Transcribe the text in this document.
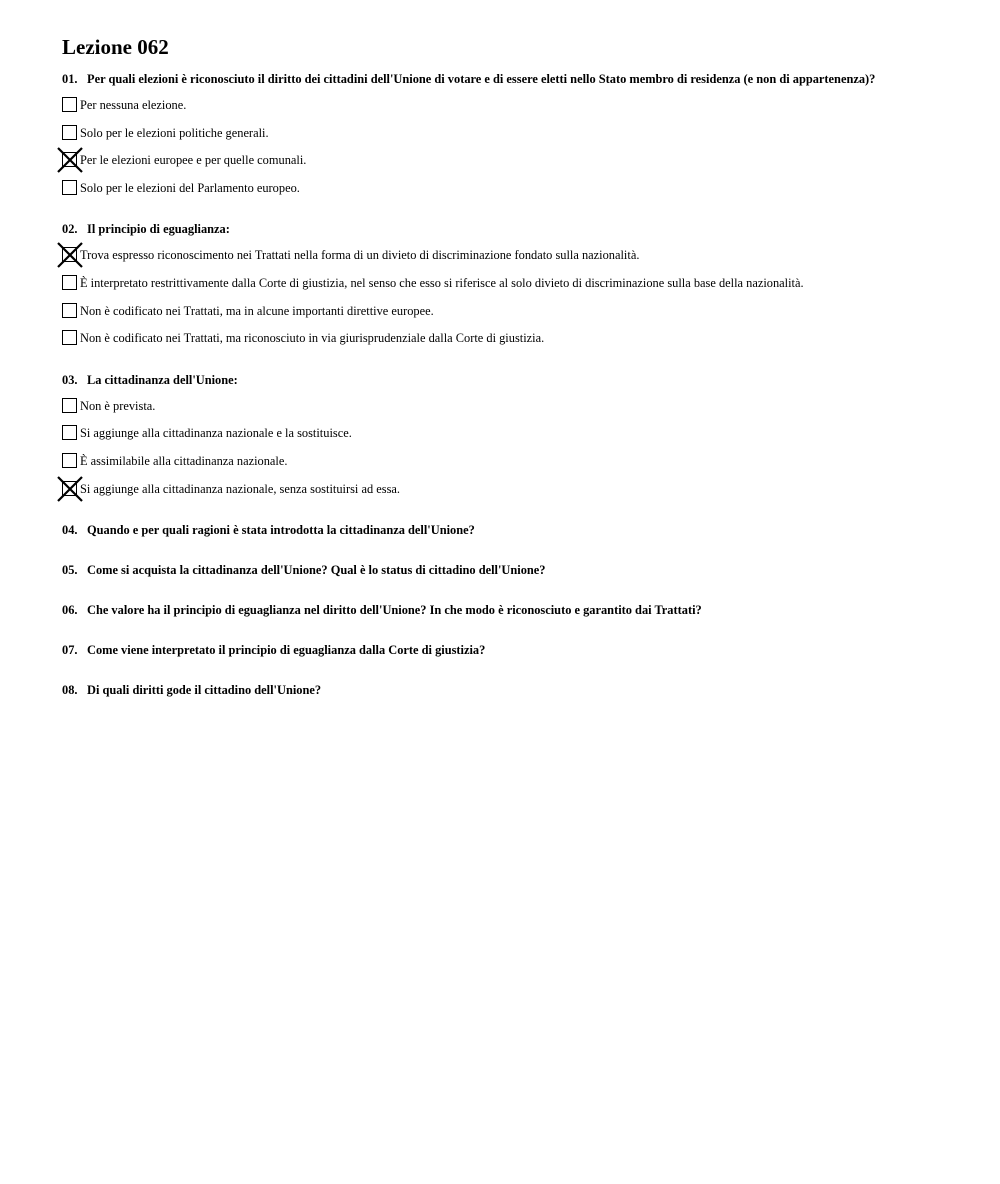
Lezione 062
01. Per quali elezioni è riconosciuto il diritto dei cittadini dell'Unione di votare e di essere eletti nello Stato membro di residenza (e non di appartenenza)?
Per nessuna elezione.
Solo per le elezioni politiche generali.
Per le elezioni europee e per quelle comunali.
Solo per le elezioni del Parlamento europeo.
02. Il principio di eguaglianza:
Trova espresso riconoscimento nei Trattati nella forma di un divieto di discriminazione fondato sulla nazionalità.
È interpretato restrittivamente dalla Corte di giustizia, nel senso che esso si riferisce al solo divieto di discriminazione sulla base della nazionalità.
Non è codificato nei Trattati, ma in alcune importanti direttive europee.
Non è codificato nei Trattati, ma riconosciuto in via giurisprudenziale dalla Corte di giustizia.
03. La cittadinanza dell'Unione:
Non è prevista.
Si aggiunge alla cittadinanza nazionale e la sostituisce.
È assimilabile alla cittadinanza nazionale.
Si aggiunge alla cittadinanza nazionale, senza sostituirsi ad essa.
04. Quando e per quali ragioni è stata introdotta la cittadinanza dell'Unione?
05. Come si acquista la cittadinanza dell'Unione? Qual è lo status di cittadino dell'Unione?
06. Che valore ha il principio di eguaglianza nel diritto dell'Unione? In che modo è riconosciuto e garantito dai Trattati?
07. Come viene interpretato il principio di eguaglianza dalla Corte di giustizia?
08. Di quali diritti gode il cittadino dell'Unione?
